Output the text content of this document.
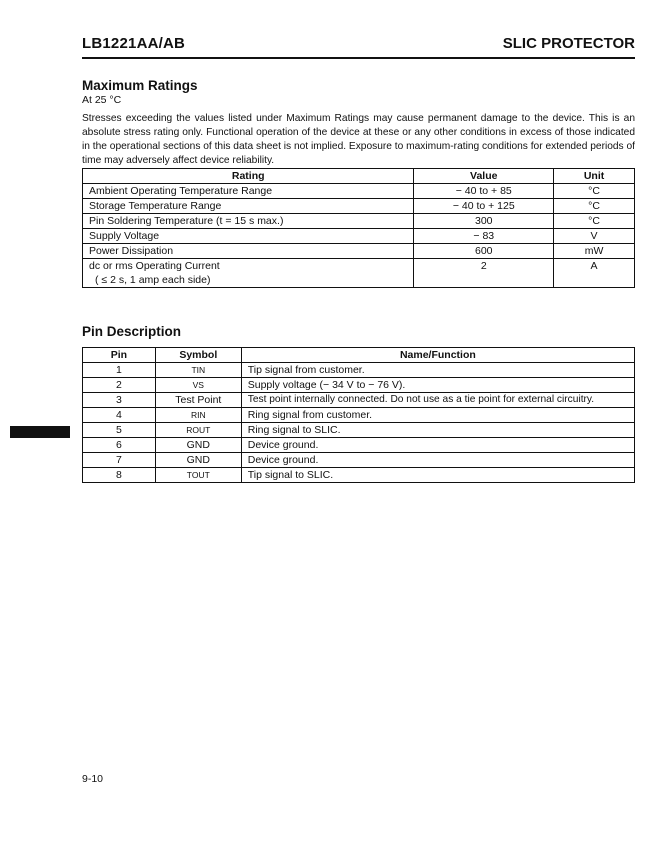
LB1221AA/AB	SLIC PROTECTOR
Maximum Ratings
At 25 °C
Stresses exceeding the values listed under Maximum Ratings may cause permanent damage to the device. This is an absolute stress rating only. Functional operation of the device at these or any other conditions in excess of those indicated in the operational sections of this data sheet is not implied. Exposure to maximum-rating conditions for extended periods of time may adversely affect device reliability.
Rating	Value	Unit
Ambient Operating Temperature Range	− 40 to + 85	°C
Storage Temperature Range	− 40 to + 125	°C
Pin Soldering Temperature (t = 15 s max.)	300	°C
Supply Voltage	− 83	V
Power Dissipation	600	mW

dc or rms Operating Current
( ≤ 2 s, 1 amp each side)	2	A
Pin Description
Pin	Symbol	Name/Function
1	TIN	Tip signal from customer.
2	VS	Supply voltage (− 34 V to − 76 V).
3	Test Point	Test point internally connected. Do not use as a tie point for external circuitry.
4	RIN	Ring signal from customer.
5	ROUT	Ring signal to SLIC.
6	GND	Device ground.
7	GND	Device ground.
8	TOUT	Tip signal to SLIC.
9-10
